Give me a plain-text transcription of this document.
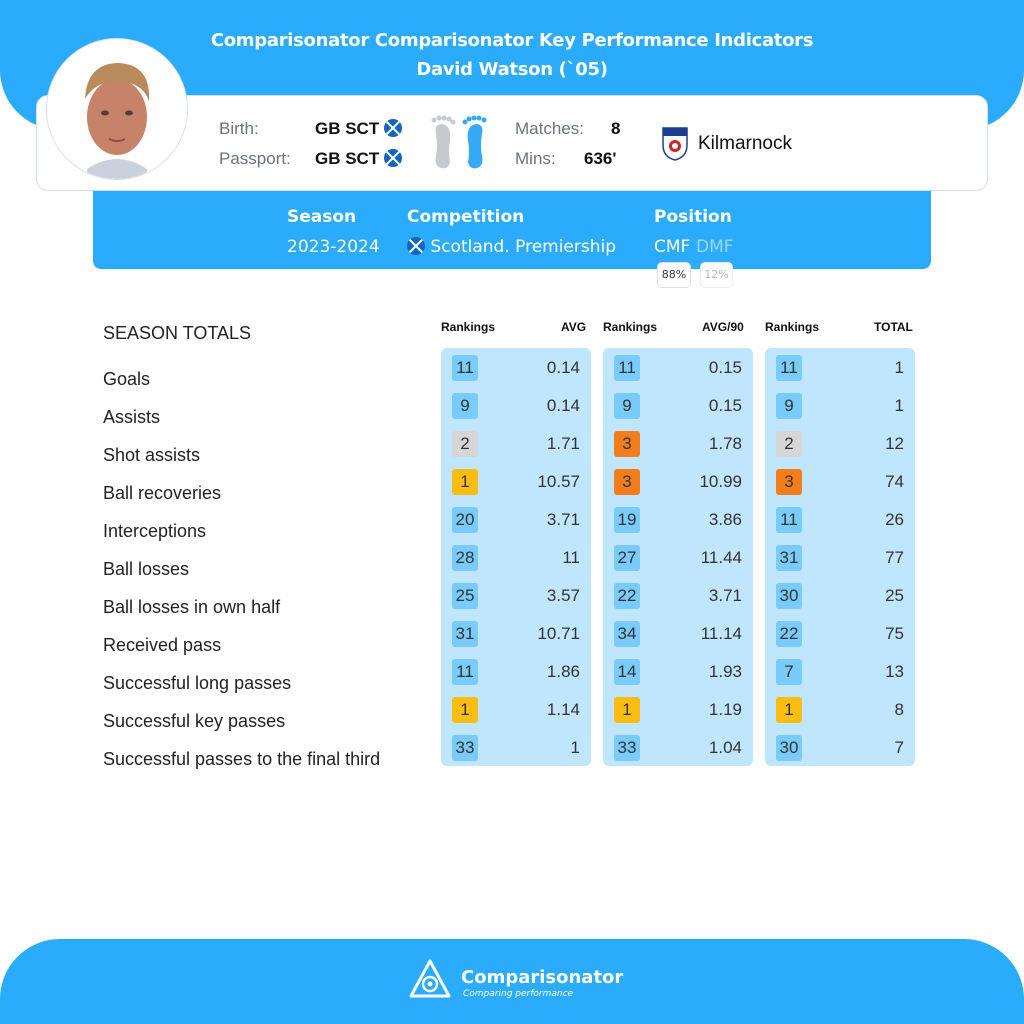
Comparisonator Comparisonator Key Performance Indicators
David Watson (`05)
Birth:	GB SCT
Passport: GB SCT
Matches: 8
Mins: 636'
Kilmarnock
Season
2023-2024
Competition
Scotland. Premiership
Position
CMF DMF
88%	12%
SEASON TOTALS	Rankings	AVG Rankings	AVG/90 Rankings	TOTAL
Goals
11	0.14 11	0.15 11	1
Assists
9	0.14	9	0.15	9	1
Shot assists
2	1.71	3	1.78	2	12
Ball recoveries
1	10.57	3	10.99	3	74
Interceptions
20	3.71 19	3.86 11	26
Ball losses
28	11 27	11.44 31	77
Ball losses in own half
25	3.57 22	3.71 30	25
Received pass
31	10.71 34	11.14 22	75
Successful long passes
11	1.86 14	1.93	7	13
Successful key passes
1	1.14	1	1.19	1	8
Successful passes to the final third
33	1 33	1.04 30	7
Comparisonator
Comparing performance
